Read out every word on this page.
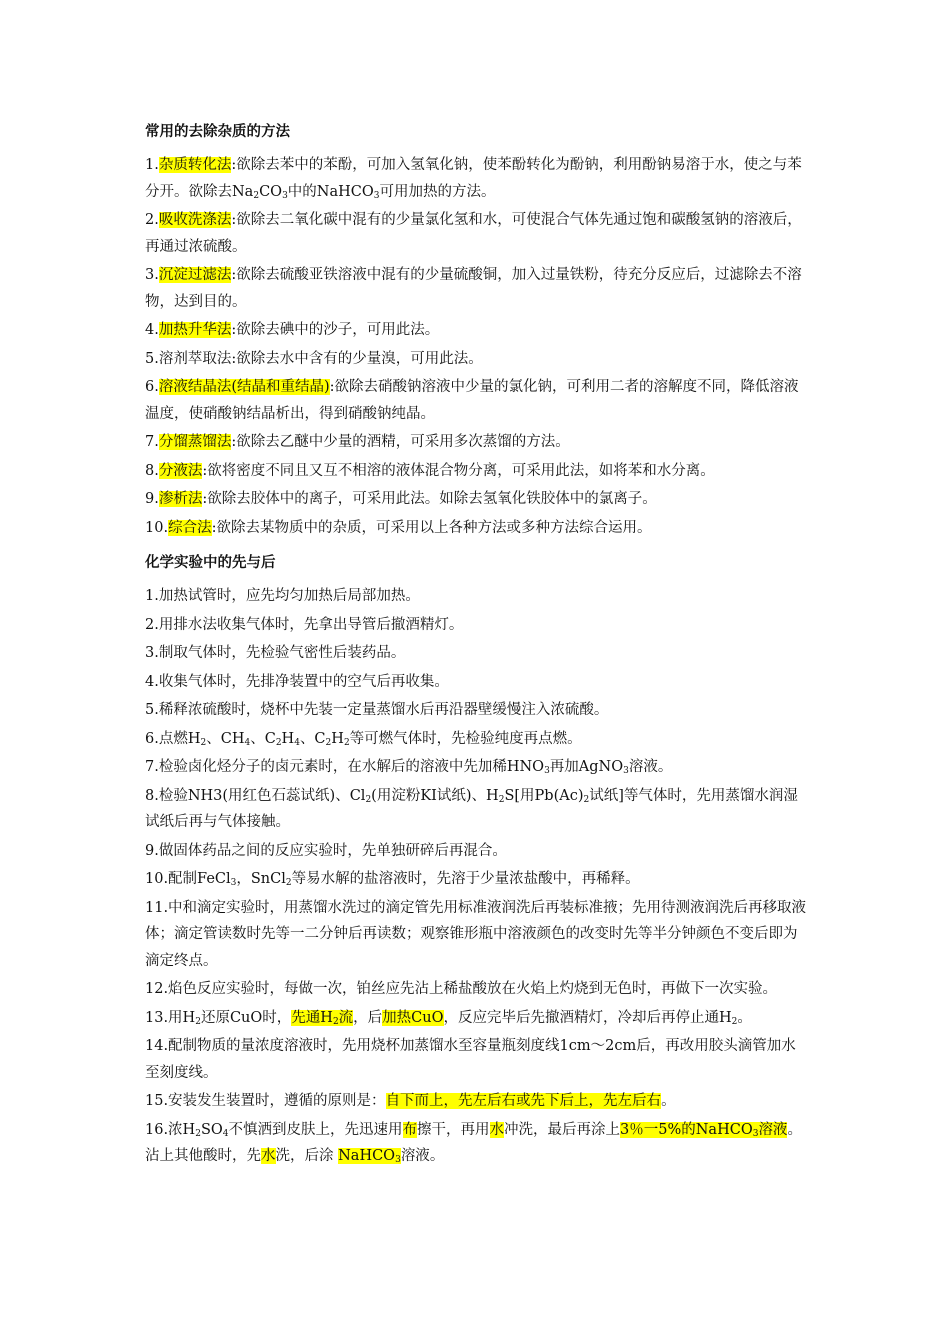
常用的去除杂质的方法

1.杂质转化法:欲除去苯中的苯酚，可加入氢氧化钠，使苯酚转化为酚钠，利用酚钠易溶于水，使之与苯分开。欲除去$Na_2CO_3$中的NaHCO$_3$可用加热的方法。

2.吸收洗涤法:欲除去二氧化碳中混有的少量氯化氢和水，可使混合气体先通过饱和碳酸氢钠的溶液后，再通过浓硫酸。

3.沉淀过滤法:欲除去硫酸亚铁溶液中混有的少量硫酸铜，加入过量铁粉，待充分反应后，过滤除去不溶物，达到目的。

4.加热升华法:欲除去碘中的沙子，可用此法。

5.溶剂萃取法:欲除去水中含有的少量溴，可用此法。

6.溶液结晶法(结晶和重结晶):欲除去硝酸钠溶液中少量的氯化钠，可利用二者的溶解度不同，降低溶液温度，使硝酸钠结晶析出，得到硝酸钠纯晶。

7.分馏蒸馏法:欲除去乙醚中少量的酒精，可采用多次蒸馏的方法。

8.分液法:欲将密度不同且又互不相溶的液体混合物分离，可采用此法，如将苯和水分离。

9.渗析法:欲除去胶体中的离子，可采用此法。如除去氢氧化铁胶体中的氯离子。

10.综合法:欲除去某物质中的杂质，可采用以上各种方法或多种方法综合运用。

化学实验中的先与后

1.加热试管时，应先均匀加热后局部加热。

2.用排水法收集气体时，先拿出导管后撤酒精灯。

3.制取气体时，先检验气密性后装药品。

4.收集气体时，先排净装置中的空气后再收集。

5.稀释浓硫酸时，烧杯中先装一定量蒸馏水后再沿器壁缓慢注入浓硫酸。

6.点燃$H_2$、$CH_4$、$C_2H_4$、$C_2H_2$等可燃气体时，先检验纯度再点燃。

7.检验卤化烃分子的卤元素时，在水解后的溶液中先加稀$HNO_3$再加AgNO$_3$溶液。

8.检验NH3(用红色石蕊试纸)、$Cl_2$(用淀粉KI试纸)、$H_2S$[用$Pb(Ac)_2$试纸]等气体时，先用蒸馏水润湿试纸后再与气体接触。

9.做固体药品之间的反应实验时，先单独研碎后再混合。

10.配制FeCl$_3$，SnCl$_2$等易水解的盐溶液时，先溶于少量浓盐酸中，再稀释。

11.中和滴定实验时，用蒸馏水洗过的滴定管先用标准液润洗后再装标准掖；先用待测液润洗后再移取液体；滴定管读数时先等一二分钟后再读数；观察锥形瓶中溶液颜色的改变时先等半分钟颜色不变后即为滴定终点。

12.焰色反应实验时，每做一次，铂丝应先沾上稀盐酸放在火焰上灼烧到无色时，再做下一次实验。

13.用$H_2$还原CuO时，先通$H_2$流，后加热CuO，反应完毕后先撤酒精灯，冷却后再停止通$H_2$。

14.配制物质的量浓度溶液时，先用烧杯加蒸馏水至容量瓶刻度线1cm～2cm后，再改用胶头滴管加水至刻度线。

15.安装发生装置时，遵循的原则是：自下而上，先左后右或先下后上，先左后右。

16.浓$H_2SO_4$不慎洒到皮肤上，先迅速用布擦干，再用水冲洗，最后再涂上3％一5%的NaHCO$_3$溶液。沾上其他酸时，先水洗，后涂 NaHCO$_3$溶液。
